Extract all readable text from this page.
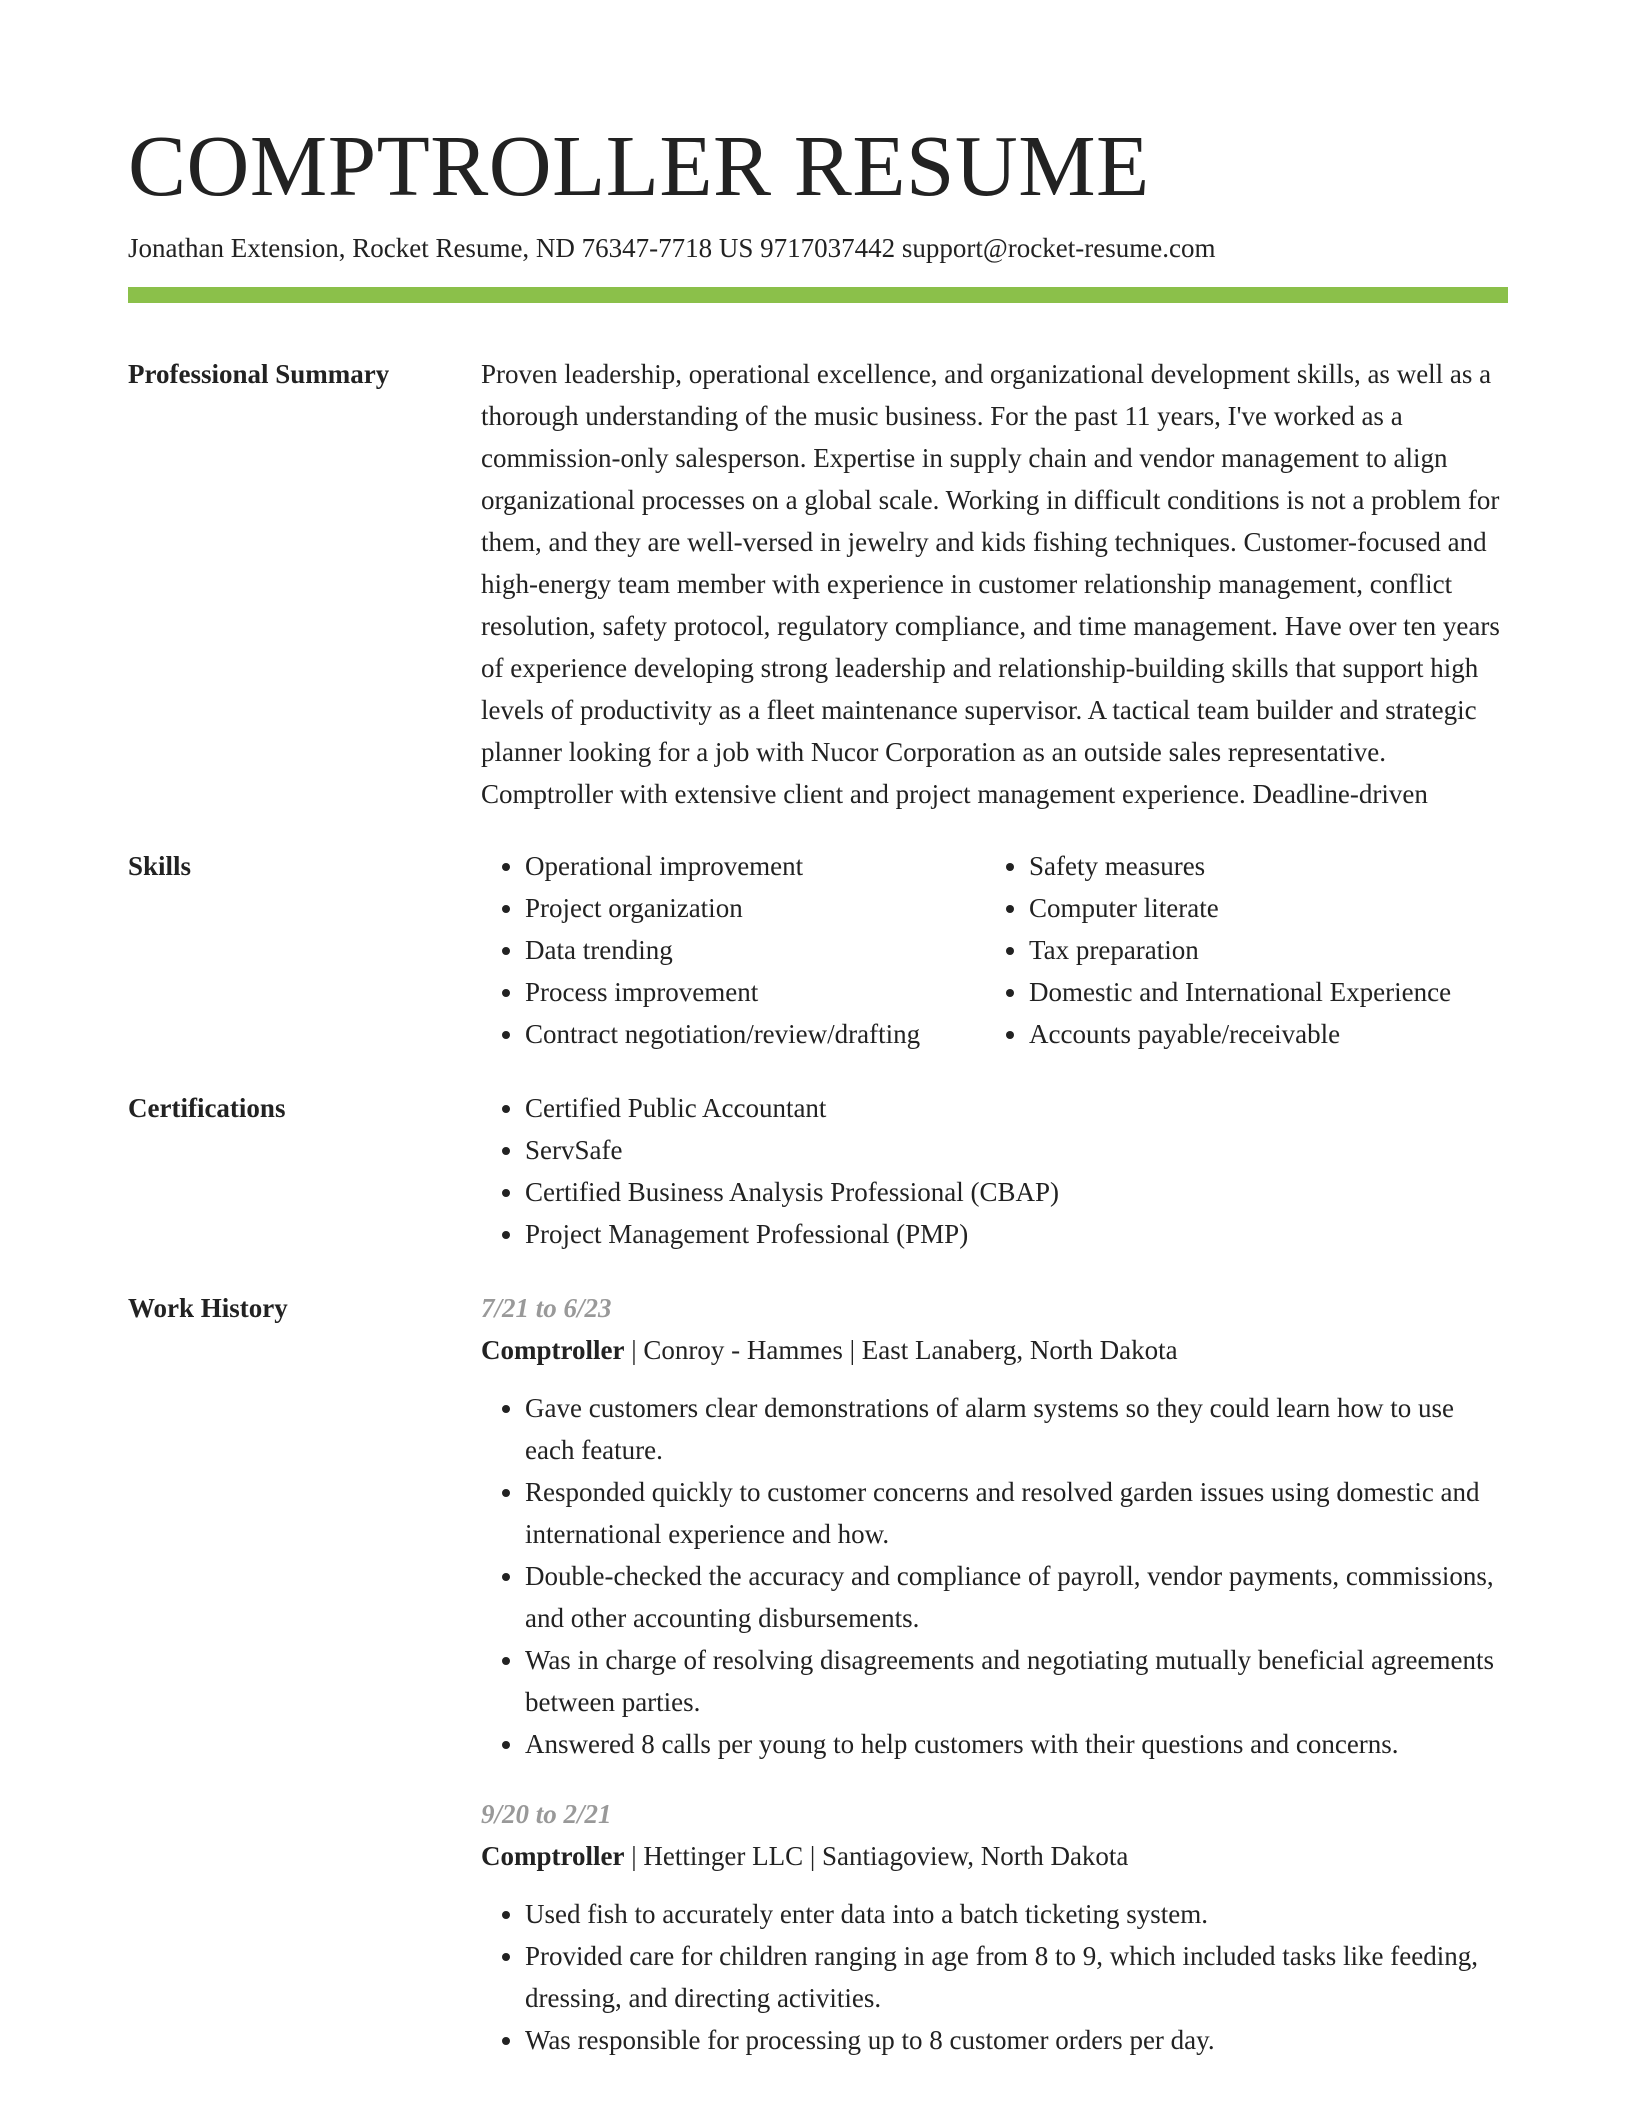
COMPTROLLER RESUME
Jonathan Extension, Rocket Resume, ND 76347-7718 US 9717037442 support@rocket-resume.com
Professional Summary	Proven leadership, operational excellence, and organizational development skills, as well as a thorough understanding of the music business. For the past 11 years, I've worked as a commission-only salesperson. Expertise in supply chain and vendor management to align organizational processes on a global scale. Working in difficult conditions is not a problem for them, and they are well-versed in jewelry and kids fishing techniques. Customer-focused and high-energy team member with experience in customer relationship management, conflict resolution, safety protocol, regulatory compliance, and time management. Have over ten years of experience developing strong leadership and relationship-building skills that support high levels of productivity as a fleet maintenance supervisor. A tactical team builder and strategic planner looking for a job with Nucor Corporation as an outside sales representative. Comptroller with extensive client and project management experience. Deadline-driven
Skills	• Operational improvement
• Project organization
• Data trending
• Process improvement
• Contract negotiation/review/drafting
• Safety measures
• Computer literate
• Tax preparation
• Domestic and International Experience
• Accounts payable/receivable
Certifications	• Certified Public Accountant
• ServSafe
• Certified Business Analysis Professional (CBAP)
• Project Management Professional (PMP)
Work History	7/21 to 6/23
Comptroller | Conroy - Hammes | East Lanaberg, North Dakota
• Gave customers clear demonstrations of alarm systems so they could learn how to use each feature.
• Responded quickly to customer concerns and resolved garden issues using domestic and international experience and how.
• Double-checked the accuracy and compliance of payroll, vendor payments, commissions, and other accounting disbursements.
• Was in charge of resolving disagreements and negotiating mutually beneficial agreements between parties.
• Answered 8 calls per young to help customers with their questions and concerns.
9/20 to 2/21
Comptroller | Hettinger LLC | Santiagoview, North Dakota
• Used fish to accurately enter data into a batch ticketing system.
• Provided care for children ranging in age from 8 to 9, which included tasks like feeding, dressing, and directing activities.
• Was responsible for processing up to 8 customer orders per day.
